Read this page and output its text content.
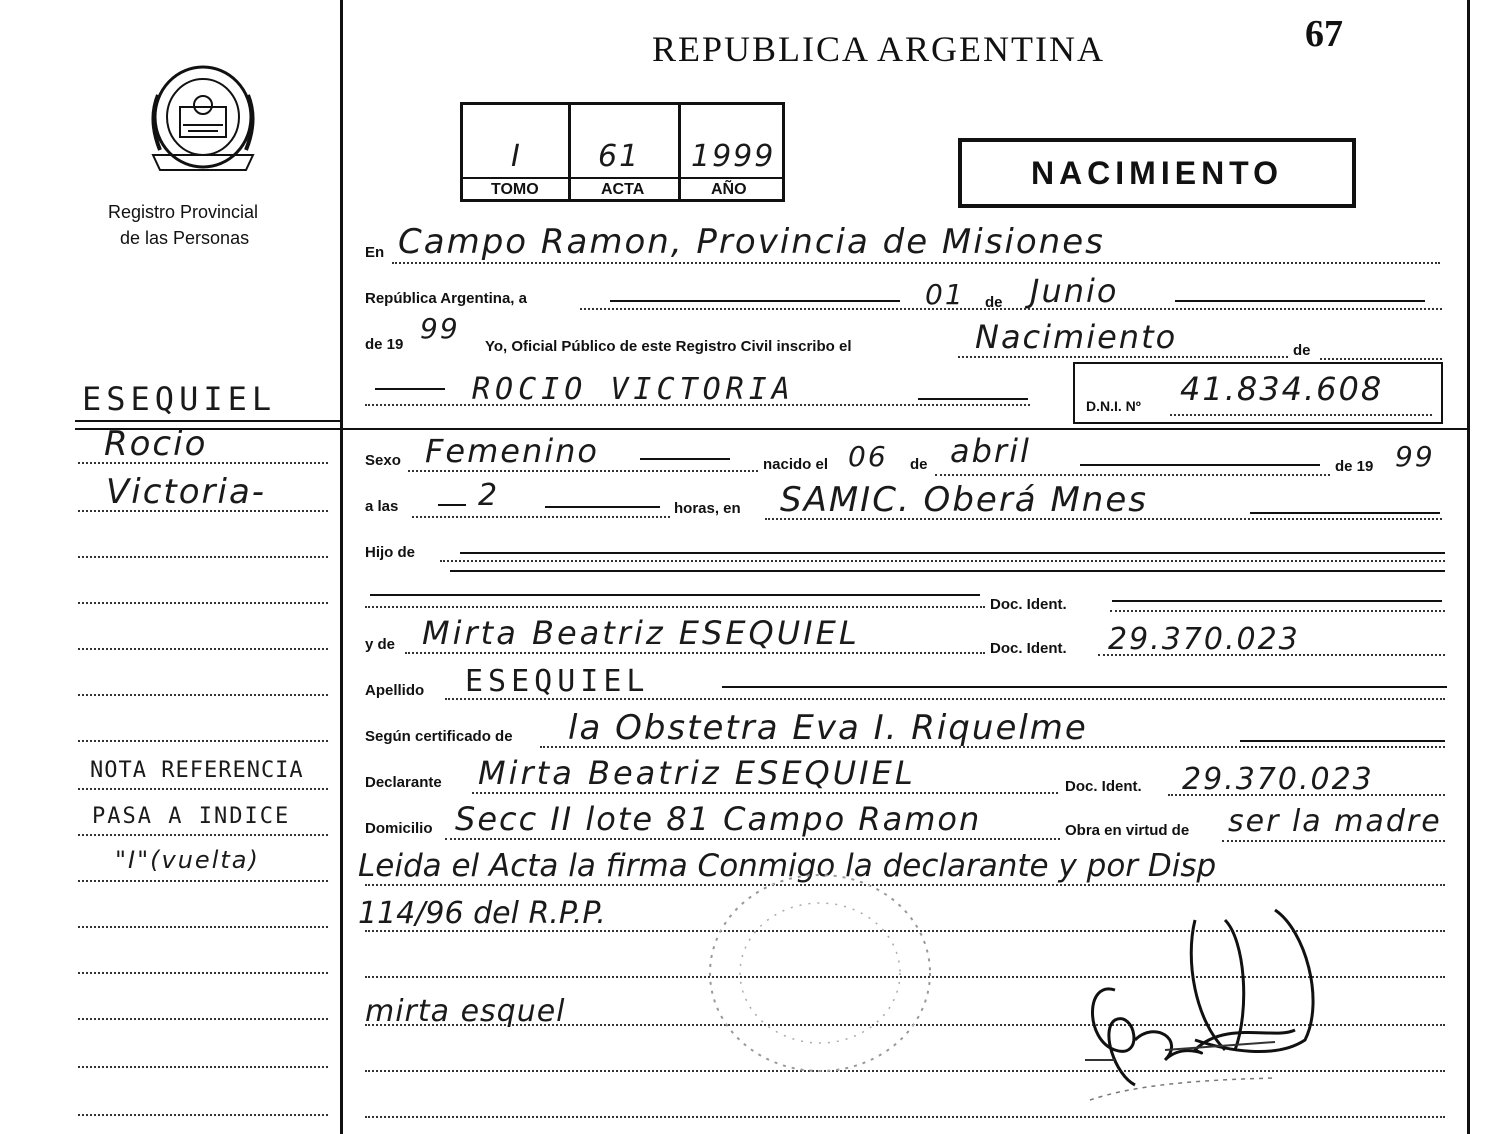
67
REPUBLICA ARGENTINA
Registro Provincial
de las Personas
I	61 1999
TOMO	ACTA	AÑO	NACIMIENTO
ESEQUIEL
Rocio
Victoria-
NOTA REFERENCIA
PASA A INDICE
"I"(vuelta)
En Campo Ramon, Provincia de Misiones
República Argentina, a	01 de Junio
de 19 99
Yo, Oficial Público de este Registro Civil inscribo el	Nacimiento	de
ROCIO VICTORIA	D.N.I. Nº 41.834.608
Sexo Femenino	nacido el 06 de abril	de 19 99
a las	2	horas, en SAMIC. Oberá Mnes
Hijo de
Doc. Ident.
y de Mirta Beatriz ESEQUIEL	Doc. Ident. 29.370.023
Apellido ESEQUIEL
Según certificado de la Obstetra Eva I. Riquelme
Declarante Mirta Beatriz ESEQUIEL	Doc. Ident. 29.370.023
Domicilio Secc II lote 81 Campo Ramon	Obra en virtud de ser la madre
Leida el Acta la firma Conmigo la declarante y por Disp
114/96 del R.P.P.
mirta esquel
